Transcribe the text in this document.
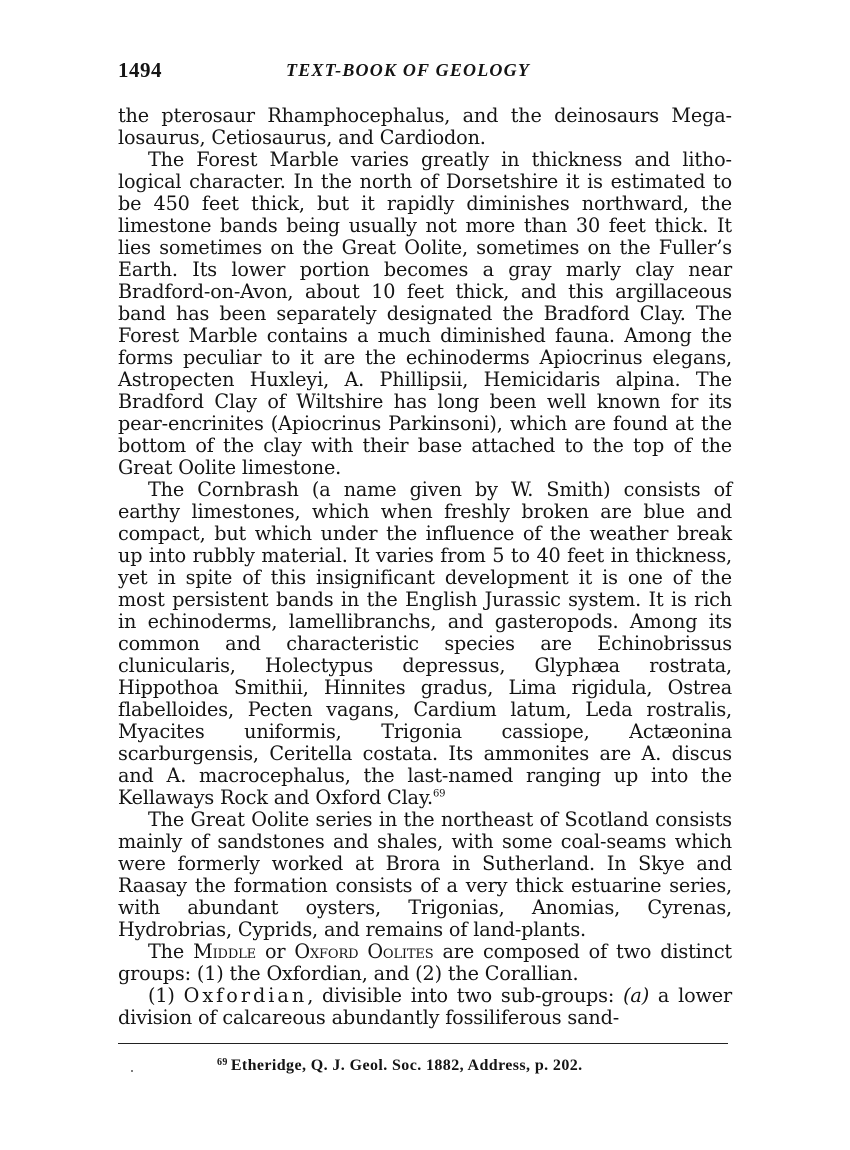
1494	TEXT-BOOK OF GEOLOGY

the pterosaur Rhamphocephalus, and the deinosaurs Megalosaurus, Cetiosaurus, and Cardiodon.

The Forest Marble varies greatly in thickness and lithological character. In the north of Dorsetshire it is estimated to be 450 feet thick, but it rapidly diminishes northward, the limestone bands being usually not more than 30 feet thick. It lies sometimes on the Great Oolite, sometimes on the Fuller’s Earth. Its lower portion becomes a gray marly clay near Bradford-on-Avon, about 10 feet thick, and this argillaceous band has been separately designated the Bradford Clay. The Forest Marble contains a much diminished fauna. Among the forms peculiar to it are the echinoderms Apiocrinus elegans, Astropecten Huxleyi, A. Phillipsii, Hemicidaris alpina. The Bradford Clay of Wiltshire has long been well known for its pear-encrinites (Apiocrinus Parkinsoni), which are found at the bottom of the clay with their base attached to the top of the Great Oolite limestone.

The Cornbrash (a name given by W. Smith) consists of earthy limestones, which when freshly broken are blue and compact, but which under the influence of the weather break up into rubbly material. It varies from 5 to 40 feet in thickness, yet in spite of this insignificant development it is one of the most persistent bands in the English Jurassic system. It is rich in echinoderms, lamellibranchs, and gasteropods. Among its common and characteristic species are Echinobrissus clunicularis, Holectypus depressus, Glyphæa rostrata, Hippothoa Smithii, Hinnites gradus, Lima rigidula, Ostrea flabelloides, Pecten vagans, Cardium latum, Leda rostralis, Myacites uniformis, Trigonia cassiope, Actæonina scarburgensis, Ceritella costata. Its ammonites are A. discus and A. macrocephalus, the last-named ranging up into the Kellaways Rock and Oxford Clay.$^{69}$

The Great Oolite series in the northeast of Scotland consists mainly of sandstones and shales, with some coal-seams which were formerly worked at Brora in Sutherland. In Skye and Raasay the formation consists of a very thick estuarine series, with abundant oysters, Trigonias, Anomias, Cyrenas, Hydrobrias, Cyprids, and remains of land-plants.

The Middle or Oxford Oolites are composed of two distinct groups: (1) the Oxfordian, and (2) the Corallian.

(1) Oxfordian, divisible into two sub-groups: (a) a lower division of calcareous abundantly fossiliferous sand-

$^{69}$ Etheridge, Q. J. Geol. Soc. 1882, Address, p. 202.
